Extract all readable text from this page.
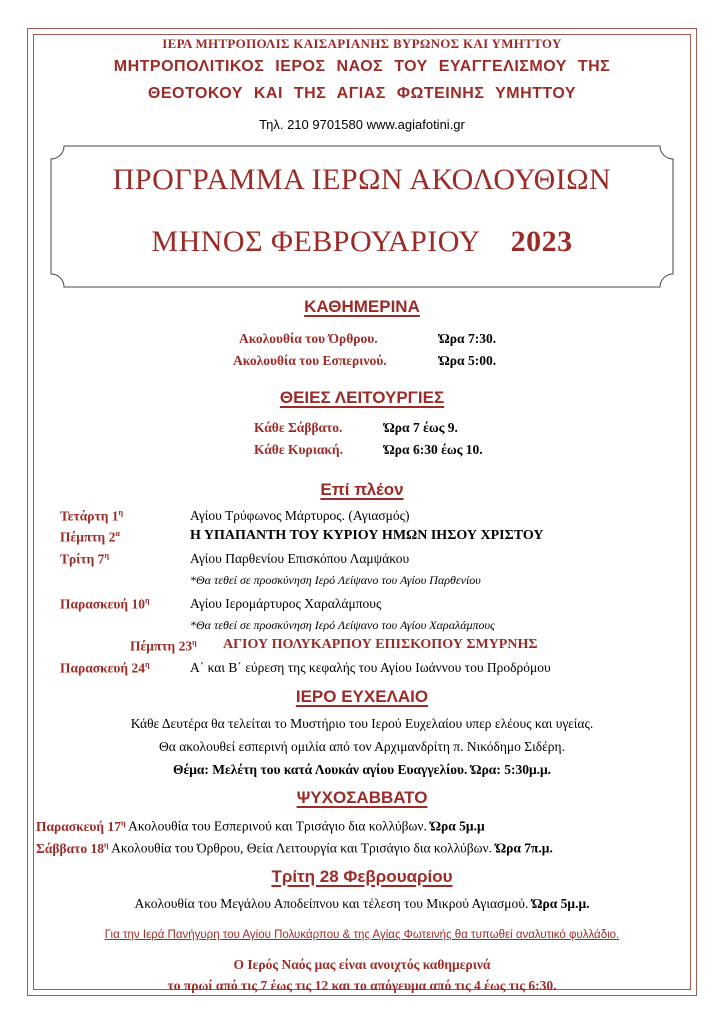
ΙΕΡΑ ΜΗΤΡΟΠΟΛΙΣ ΚΑΙΣΑΡΙΑΝΗΣ ΒΥΡΩΝΟΣ ΚΑΙ ΥΜΗΤΤΟΥ
ΜΗΤΡΟΠΟΛΙΤΙΚΟΣ ΙΕΡΟΣ ΝΑΟΣ ΤΟΥ ΕΥΑΓΓΕΛΙΣΜΟΥ ΤΗΣ
ΘΕΟΤΟΚΟΥ ΚΑΙ ΤΗΣ ΑΓΙΑΣ ΦΩΤΕΙΝΗΣ ΥΜΗΤΤΟΥ
Τηλ. 210 9701580 www.agiafotini.gr
ΠΡΟΓΡΑΜΜΑ ΙΕΡΩΝ ΑΚΟΛΟΥΘΙΩΝ
ΜΗΝΟΣ ΦΕΒΡΟΥΑΡΙΟΥ 2023
ΚΑΘΗΜΕΡΙΝΑ
Ακολουθία του Όρθρου.	Ώρα 7:30.
Ακολουθία του Εσπερινού.	Ώρα 5:00.
ΘΕΙΕΣ ΛΕΙΤΟΥΡΓΙΕΣ
Κάθε Σάββατο.	Ώρα 7 έως 9.
Κάθε Κυριακή.	Ώρα 6:30 έως 10.
Επί πλέον
Τετάρτη $1^\eta$	Αγίου Τρύφωνος Μάρτυρος. (Αγιασμός)
Πέμπτη $2^\alpha$	Η ΥΠΑΠΑΝΤΗ ΤΟΥ ΚΥΡΙΟΥ ΗΜΩΝ ΙΗΣΟΥ ΧΡΙΣΤΟΥ
Τρίτη $7^\eta$	Αγίου Παρθενίου Επισκόπου Λαμψάκου
*Θα τεθεί σε προσκύνηση Ιερό Λείψανο του Αγίου Παρθενίου
Παρασκευή $10^\eta$	Αγίου Ιερομάρτυρος Χαραλάμπους
*Θα τεθεί σε προσκύνηση Ιερό Λείψανο του Αγίου Χαραλάμπους
Πέμπτη $23^\eta$ ΑΓΙΟΥ ΠΟΛΥΚΑΡΠΟΥ ΕΠΙΣΚΟΠΟΥ ΣΜΥΡΝΗΣ
Παρασκευή $24^\eta$	Α΄ και Β΄ εύρεση της κεφαλής του Αγίου Ιωάννου του Προδρόμου
ΙΕΡΟ ΕΥΧΕΛΑΙΟ
Κάθε Δευτέρα θα τελείται το Μυστήριο του Ιερού Ευχελαίου υπερ ελέους και υγείας.
Θα ακολουθεί εσπερινή ομιλία από τον Αρχιμανδρίτη π. Νικόδημο Σιδέρη.
Θέμα: Μελέτη του κατά Λουκάν αγίου Ευαγγελίου. Ώρα: 5:30μ.μ.
ΨΥΧΟΣΑΒΒΑΤΟ
Παρασκευή $17^\eta$ Ακολουθία του Εσπερινού και Τρισάγιο δια κολλύβων. Ώρα 5μ.μ
Σάββατο $18^\eta$ Ακολουθία του Όρθρου, Θεία Λειτουργία και Τρισάγιο δια κολλύβων. Ώρα 7π.μ.
Τρίτη 28 Φεβρουαρίου
Ακολουθία του Μεγάλου Αποδείπνου και τέλεση του Μικρού Αγιασμού. Ώρα 5μ.μ.
Για την Ιερά Πανήγυρη του Αγίου Πολυκάρπου & της Αγίας Φωτεινής θα τυπωθεί αναλυτικό φυλλάδιο.
Ο Ιερός Ναός μας είναι ανοιχτός καθημερινά
το πρωί από τις 7 έως τις 12 και το απόγευμα από τις 4 έως τις 6:30.
